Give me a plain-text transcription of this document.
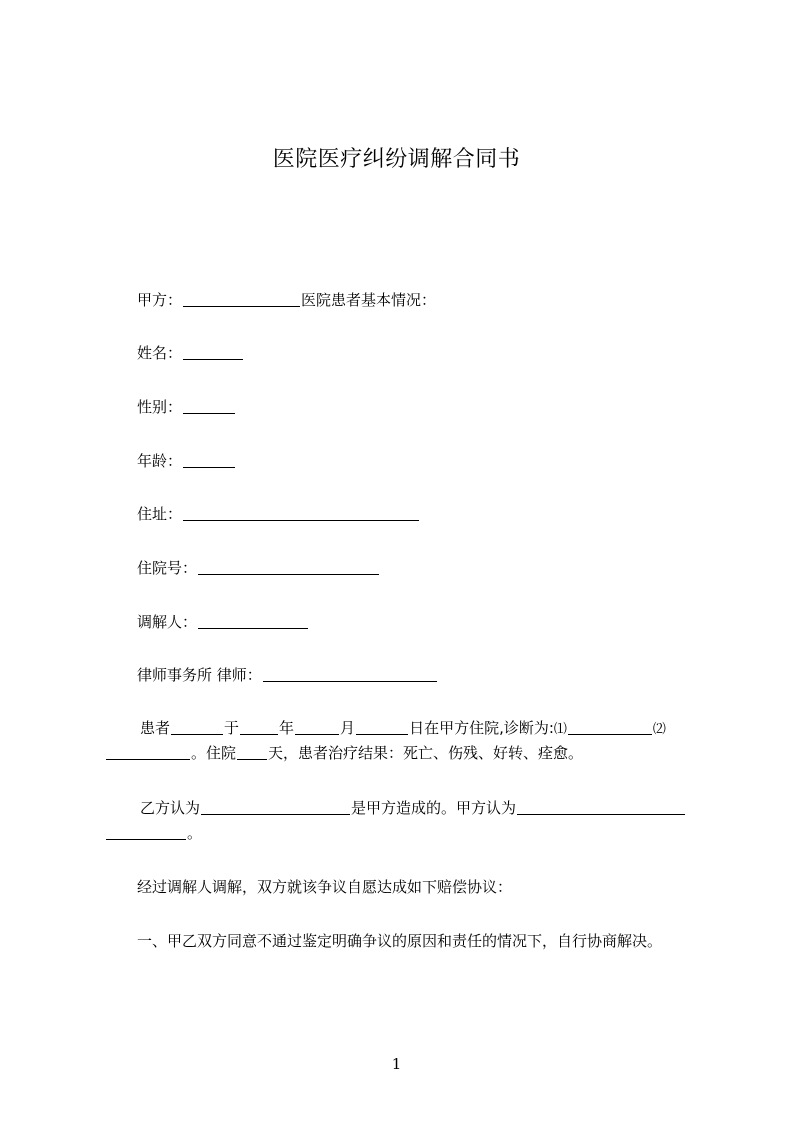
医院医疗纠纷调解合同书
甲方：	医院患者基本情况：
姓名：
性别：
年龄：
住址：
住院号：
调解人：
律师事务所 律师：
患者	于	年	月	日在甲方住院,诊断为:⑴	⑵
。住院 天，患者治疗结果：死亡、伤残、好转、痊愈。
乙方认为	是甲方造成的。甲方认为
。
经过调解人调解，双方就该争议自愿达成如下赔偿协议：
一、甲乙双方同意不通过鉴定明确争议的原因和责任的情况下，自行协商解决。
1
